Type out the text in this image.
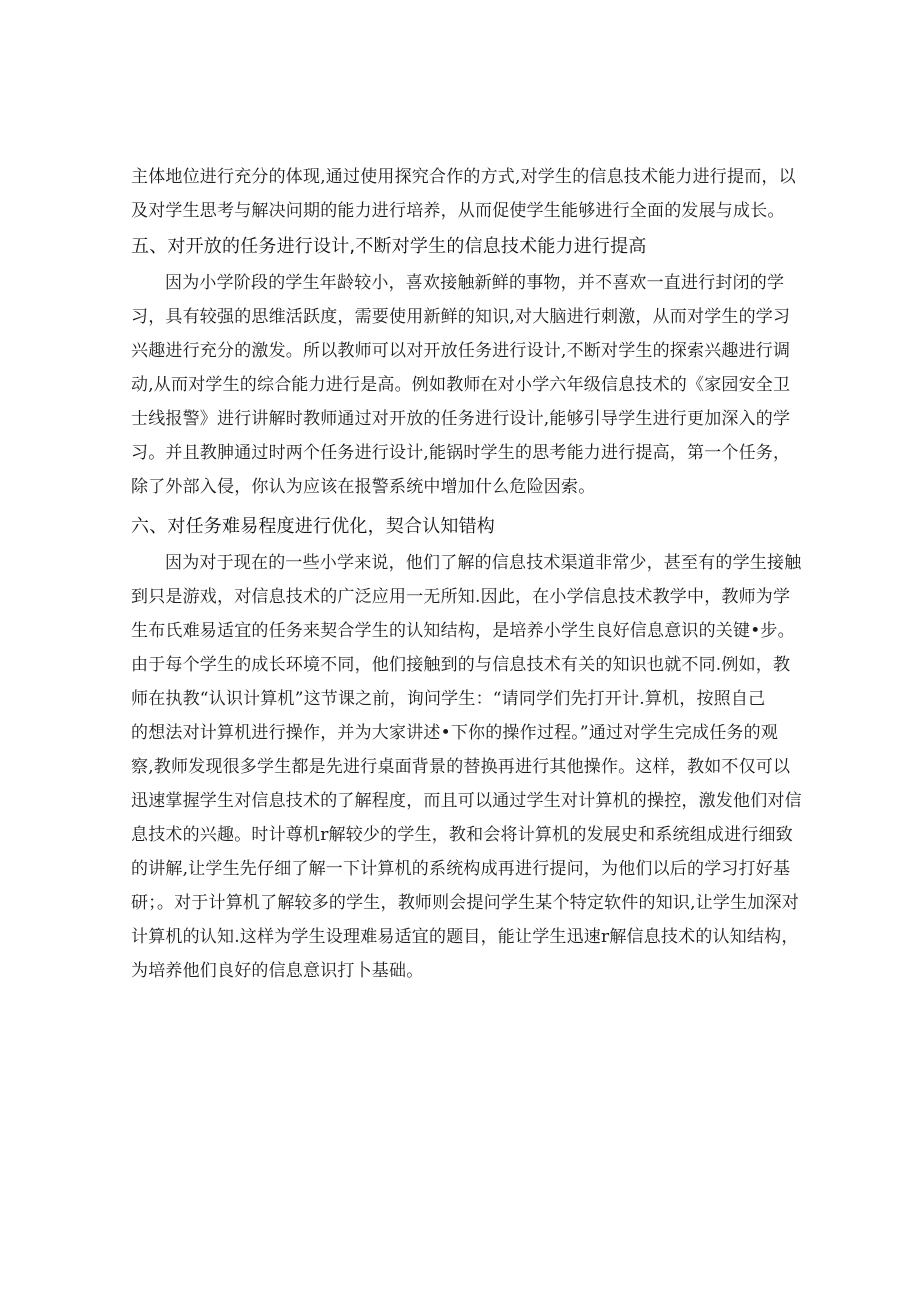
主体地位进行充分的体现,通过使用探究合作的方式,对学生的信息技术能力进行提而，以
及对学生思考与解决问期的能力进行培养，从而促使学生能够进行全面的发展与成长。
五、对开放的任务进行设计,不断对学生的信息技术能力进行提高
因为小学阶段的学生年龄较小，喜欢接触新鲜的事物，并不喜欢一直进行封闭的学
习，具有较强的思维活跃度，需要使用新鲜的知识,对大脑进行刺激，从而对学生的学习
兴趣进行充分的激发。所以教师可以对开放任务进行设计,不断对学生的探索兴趣进行调
动,从而对学生的综合能力进行是高。例如教师在对小学六年级信息技术的《家园安全卫
士线报警》进行讲解时教师通过对开放的任务进行设计,能够引导学生进行更加深入的学
习。并且教胂通过时两个任务进行设计,能锅时学生的思考能力进行提高，第一个任务，
除了外部入侵，你认为应该在报警系统中增加什么危险因索。
六、对任务难易程度进行优化，契合认知错构
因为对于现在的一些小学来说，他们了解的信息技术渠道非常少，甚至有的学生接触
到只是游戏，对信息技术的广泛应用一无所知.因此，在小学信息技术教学中，教师为学
生布氏难易适宜的任务来契合学生的认知结构，是培养小学生良好信息意识的关键•步。
由于每个学生的成长环境不同，他们接触到的与信息技术有关的知识也就不同.例如，教
师在执教“认识计算机”这节课之前，询问学生：“请同学们先打开计.算机，按照自己
的想法对计算机进行操作，并为大家讲述•下你的操作过程。”通过对学生完成任务的观
察,教师发现很多学生都是先进行桌面背景的替换再进行其他操作。这样，教如不仅可以
迅速掌握学生对信息技术的了解程度，而且可以通过学生对计算机的操控，激发他们对信
息技术的兴趣。时计尊机r解较少的学生，教和会将计算机的发展史和系统组成进行细致
的讲解,让学生先仔细了解一下计算机的系统构成再进行提问，为他们以后的学习打好基
研；。对于计算机了解较多的学生，教师则会提问学生某个特定软件的知识,让学生加深对
计算机的认知.这样为学生设理难易适宜的题目，能让学生迅速r解信息技术的认知结构，
为培养他们良好的信息意识打卜基础。
